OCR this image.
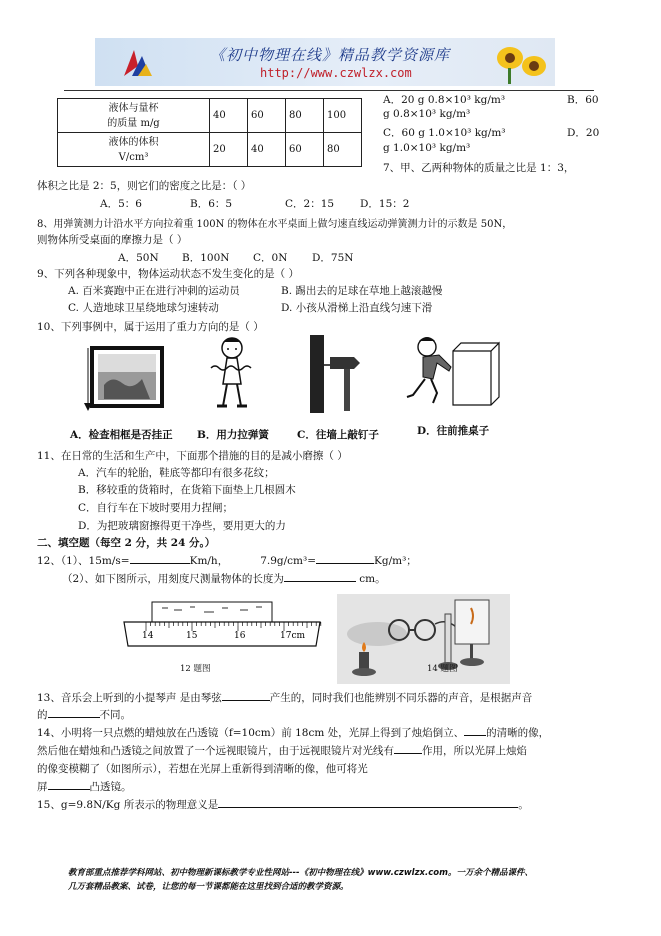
《初中物理在线》精品教学资源库
http://www.czwlzx.com
液体与量杯
的质量 m/g	40	60	80	100
液体的体积
V/cm³	20	40	60	80
A．20 g 0.8×10³ kg/m³	B．60
g 0.8×10³ kg/m³
C．60 g 1.0×10³ kg/m³	D．20
g 1.0×10³ kg/m³
7、甲、乙两种物体的质量之比是 1：3，
体积之比是 2：5，则它们的密度之比是：（ ）
A．5：6	B．6：5	C．2：15 D．15：2
8、用弹簧测力计沿水平方向拉着重 100N 的物体在水平桌面上做匀速直线运动弹簧测力计的示数是 50N，
则物体所受桌面的摩擦力是（ ）
A．50N B．100N C．0N D．75N
9、下列各种现象中，物体运动状态不发生变化的是（ ）
A. 百米赛跑中正在进行冲刺的运动员	B. 踢出去的足球在草地上越滚越慢
C. 人造地球卫星绕地球匀速转动	D. 小孩从滑梯上沿直线匀速下滑
10、下列事例中，属于运用了重力方向的是（ ）
A．检查相框是否挂正 B．用力拉弹簧	C．往墙上敲钉子	D．往前推桌子
11、在日常的生活和生产中，下面那个措施的目的是减小磨擦（ ）
A．汽车的轮胎，鞋底等都印有很多花纹；
B．移较重的货箱时，在货箱下面垫上几根圆木
C．自行车在下坡时要用力捏闸；
D．为把玻璃窗擦得更干净些，要用更大的力
二、填空题（每空 2 分，共 24 分。）
12、（1）、15m/s=	Km/h，	7.9g/cm³=	Kg/m³；
（2）、如下图所示，用刻度尺测量物体的长度为	cm。
14	15	16	17cm
12 题图	14 题图
13、音乐会上听到的小提琴声 是由琴弦	产生的，同时我们也能辨别不同乐器的声音，是根据声音
的	不同。
14、小明将一只点燃的蜡烛放在凸透镜（f=10cm）前 18cm 处，光屏上得到了烛焰倒立、 的清晰的像，
然后他在蜡烛和凸透镜之间放置了一个远视眼镜片，由于远视眼镜片对光线有	作用，所以光屏上烛焰
的像变模糊了（如图所示），若想在光屏上重新得到清晰的像，他可将光
屏	凸透镜。
15、g=9.8N/Kg 所表示的物理意义是	。
教育部重点推荐学科网站、初中物理新课标教学专业性网站---《初中物理在线》www.czwlzx.com。一万余个精品课件、
几万套精品教案、试卷，让您的每一节课都能在这里找到合适的教学资源。
